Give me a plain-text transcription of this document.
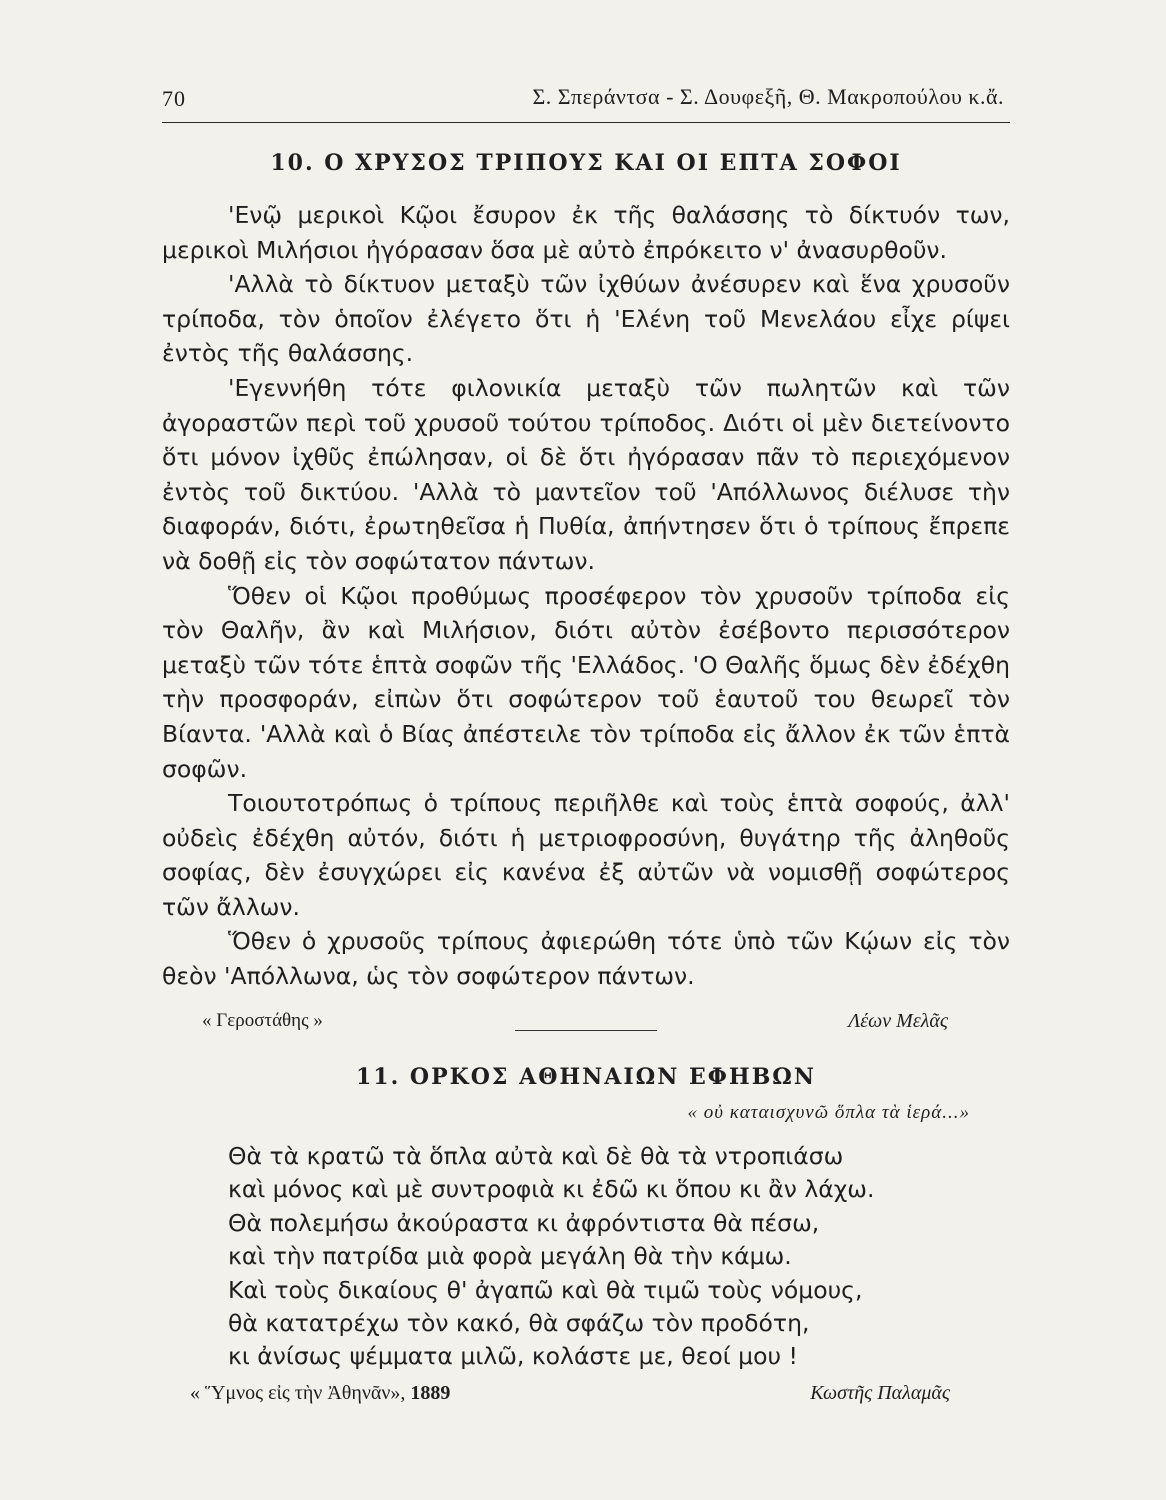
70	Σ. Σπεράντσα - Σ. Δουφεξῆ, Θ. Μακροπούλου κ.ἄ.
10. Ο ΧΡΥΣΟΣ ΤΡΙΠΟΥΣ ΚΑΙ ΟΙ ΕΠΤΑ ΣΟΦΟΙ

'Ενῷ μερικοὶ Κῷοι ἔσυρον ἐκ τῆς θαλάσσης τὸ δίκτυόν των, μερικοὶ Μιλήσιοι ἠγόρασαν ὅσα μὲ αὐτὸ ἐπρόκειτο ν' ἀνασυρθοῦν.

'Αλλὰ τὸ δίκτυον μεταξὺ τῶν ἰχθύων ἀνέσυρεν καὶ ἕνα χρυσοῦν τρίποδα, τὸν ὁποῖον ἐλέγετο ὅτι ἡ 'Ελένη τοῦ Μενελάου εἶχε ρίψει ἐντὸς τῆς θαλάσσης.

'Εγεννήθη τότε φιλονικία μεταξὺ τῶν πωλητῶν καὶ τῶν ἀγοραστῶν περὶ τοῦ χρυσοῦ τούτου τρίποδος. Διότι οἱ μὲν διετείνοντο ὅτι μόνον ἰχθῦς ἐπώλησαν, οἱ δὲ ὅτι ἠγόρασαν πᾶν τὸ περιεχόμενον ἐντὸς τοῦ δικτύου. 'Αλλὰ τὸ μαντεῖον τοῦ 'Απόλλωνος διέλυσε τὴν διαφοράν, διότι, ἐρωτηθεῖσα ἡ Πυθία, ἀπήντησεν ὅτι ὁ τρίπους ἔπρεπε νὰ δοθῇ εἰς τὸν σοφώτατον πάντων.

Ὅθεν οἱ Κῷοι προθύμως προσέφερον τὸν χρυσοῦν τρίποδα εἰς τὸν Θαλῆν, ἂν καὶ Μιλήσιον, διότι αὐτὸν ἐσέβοντο περισσότερον μεταξὺ τῶν τότε ἑπτὰ σοφῶν τῆς 'Ελλάδος. 'Ο Θαλῆς ὅμως δὲν ἐδέχθη τὴν προσφοράν, εἰπὼν ὅτι σοφώτερον τοῦ ἑαυτοῦ του θεωρεῖ τὸν Βίαντα. 'Αλλὰ καὶ ὁ Βίας ἀπέστειλε τὸν τρίποδα εἰς ἄλλον ἐκ τῶν ἑπτὰ σοφῶν.

Τοιουτοτρόπως ὁ τρίπους περιῆλθε καὶ τοὺς ἑπτὰ σοφούς, ἀλλ' οὐδεὶς ἐδέχθη αὐτόν, διότι ἡ μετριοφροσύνη, θυγάτηρ τῆς ἀληθοῦς σοφίας, δὲν ἐσυγχώρει εἰς κανένα ἐξ αὐτῶν νὰ νομισθῇ σοφώτερος τῶν ἄλλων.

Ὅθεν ὁ χρυσοῦς τρίπους ἀφιερώθη τότε ὑπὸ τῶν Κῴων εἰς τὸν θεὸν 'Απόλλωνα, ὡς τὸν σοφώτερον πάντων.

« Γεροστάθης »	Λέων Μελᾶς
11. ΟΡΚΟΣ ΑΘΗΝΑΙΩΝ ΕΦΗΒΩΝ
« οὐ καταισχυνῶ ὅπλα τὰ ἱερά...»
Θὰ τὰ κρατῶ τὰ ὅπλα αὐτὰ καὶ δὲ θὰ τὰ ντροπιάσω
καὶ μόνος καὶ μὲ συντροφιὰ κι ἐδῶ κι ὅπου κι ἂν λάχω.
Θὰ πολεμήσω ἀκούραστα κι ἀφρόντιστα θὰ πέσω,
καὶ τὴν πατρίδα μιὰ φορὰ μεγάλη θὰ τὴν κάμω.
Καὶ τοὺς δικαίους θ' ἀγαπῶ καὶ θὰ τιμῶ τοὺς νόμους,
θὰ κατατρέχω τὸν κακό, θὰ σφάζω τὸν προδότη,
κι ἀνίσως ψέμματα μιλῶ, κολάστε με, θεοί μου !
« Ὕμνος εἰς τὴν Ἀθηνᾶν», 1889	Κωστῆς Παλαμᾶς
